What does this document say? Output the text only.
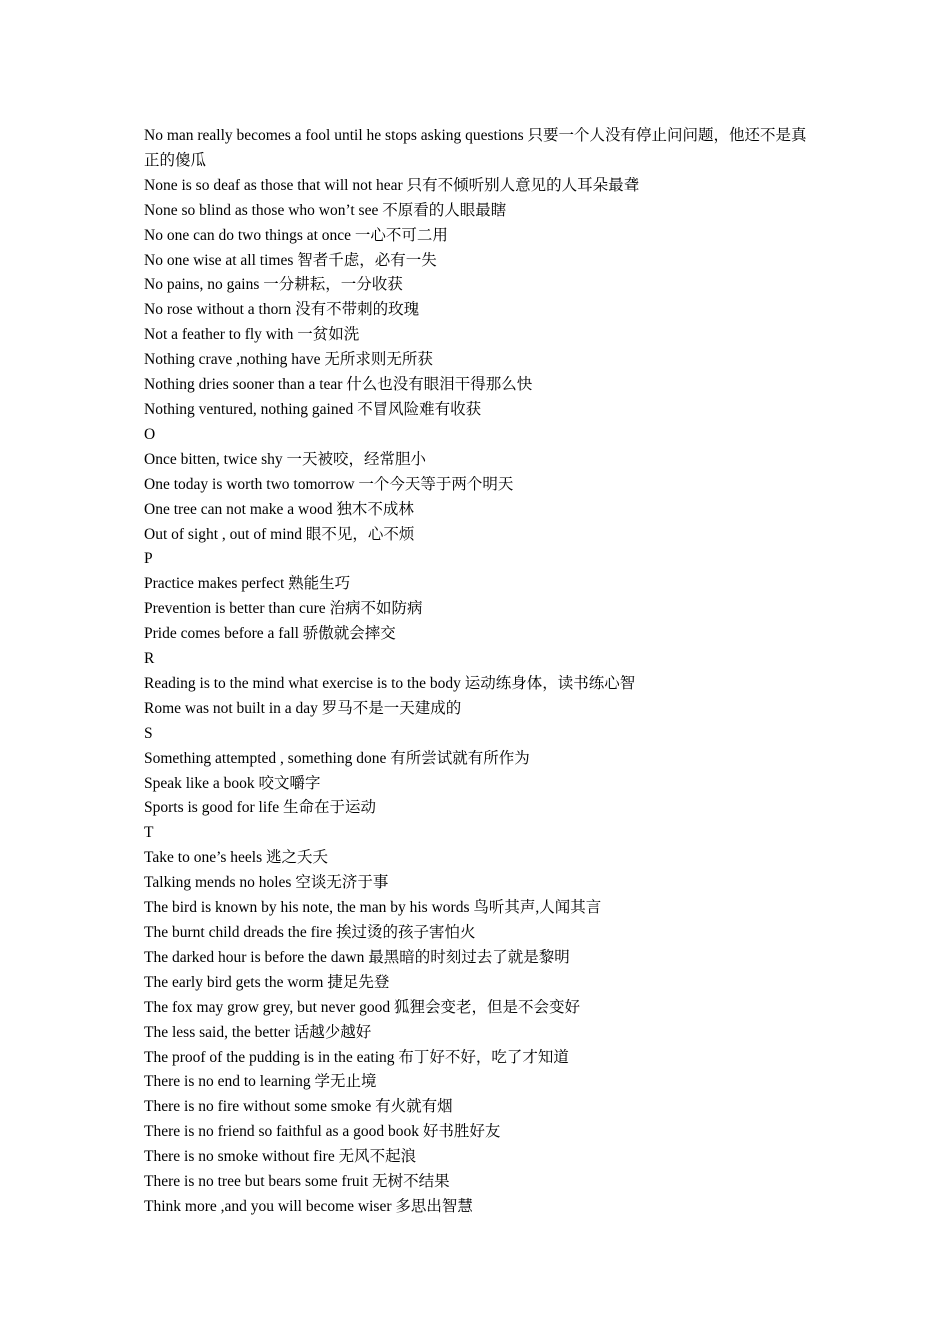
No man really becomes a fool until he stops asking questions 只要一个人没有停止问问题，他还不是真正的傻瓜
None is so deaf as those that will not hear 只有不倾听别人意见的人耳朵最聋
None so blind as those who won’t see 不原看的人眼最瞎
No one can do two things at once 一心不可二用
No one wise at all times 智者千虑，必有一失
No pains, no gains 一分耕耘，一分收获
No rose without a thorn 没有不带刺的玫瑰
Not a feather to fly with 一贫如洗
Nothing crave ,nothing have 无所求则无所获
Nothing dries sooner than a tear 什么也没有眼泪干得那么快
Nothing ventured, nothing gained 不冒风险难有收获
O
Once bitten, twice shy 一天被咬，经常胆小
One today is worth two tomorrow 一个今天等于两个明天
One tree can not make a wood 独木不成林
Out of sight , out of mind 眼不见，心不烦
P
Practice makes perfect 熟能生巧
Prevention is better than cure 治病不如防病
Pride comes before a fall 骄傲就会摔交
R
Reading is to the mind what exercise is to the body 运动练身体，读书练心智
Rome was not built in a day 罗马不是一天建成的
S
Something attempted , something done 有所尝试就有所作为
Speak like a book 咬文嚼字
Sports is good for life 生命在于运动
T
Take to one’s heels 逃之夭夭
Talking mends no holes 空谈无济于事
The bird is known by his note, the man by his words 鸟听其声,人闻其言
The burnt child dreads the fire 挨过烫的孩子害怕火
The darked hour is before the dawn 最黑暗的时刻过去了就是黎明
The early bird gets the worm 捷足先登
The fox may grow grey, but never good 狐狸会变老，但是不会变好
The less said, the better 话越少越好
The proof of the pudding is in the eating 布丁好不好，吃了才知道
There is no end to learning 学无止境
There is no fire without some smoke 有火就有烟
There is no friend so faithful as a good book 好书胜好友
There is no smoke without fire 无风不起浪
There is no tree but bears some fruit 无树不结果
Think more ,and you will become wiser 多思出智慧
